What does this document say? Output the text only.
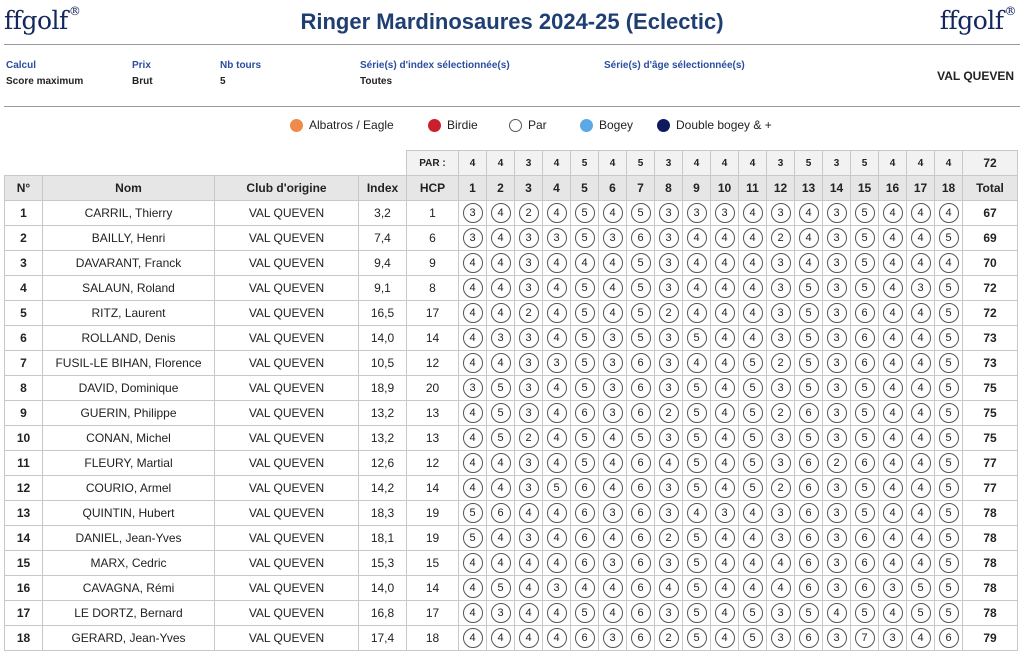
ffgolf®	Ringer Mardinosaures 2024-25 (Eclectic)	ffgolf®
Calcul
Score maximum
Prix
Brut
Nb tours
5
Série(s) d'index sélectionnée(s)
Toutes
Série(s) d'âge sélectionnée(s)
VAL QUEVEN
Albatros / Eagle	Birdie	Par	Bogey	Double bogey & +
				PAR :	4	4	3	4	5	4	5	3	4	4	4	3	5	3	5	4	4	4	72
N°	Nom	Club d'origine	Index	HCP	1	2	3	4	5	6	7	8	9	10	11	12	13	14	15	16	17	18	Total
1	CARRIL, Thierry	VAL QUEVEN	3,2	1	3	4	2	4	5	4	5	3	3	3	4	3	4	3	5	4	4	4	67
2	BAILLY, Henri	VAL QUEVEN	7,4	6	3	4	3	3	5	3	6	3	4	4	4	2	4	3	5	4	4	5	69
3	DAVARANT, Franck	VAL QUEVEN	9,4	9	4	4	3	4	4	4	5	3	4	4	4	3	4	3	5	4	4	4	70
4	SALAUN, Roland	VAL QUEVEN	9,1	8	4	4	3	4	5	4	5	3	4	4	4	3	5	3	5	4	3	5	72
5	RITZ, Laurent	VAL QUEVEN	16,5	17	4	4	2	4	5	4	5	2	4	4	4	3	5	3	6	4	4	5	72
6	ROLLAND, Denis	VAL QUEVEN	14,0	14	4	3	3	4	5	3	5	3	5	4	4	3	5	3	6	4	4	5	73
7	FUSIL-LE BIHAN, Florence	VAL QUEVEN	10,5	12	4	4	3	3	5	3	6	3	4	4	5	2	5	3	6	4	4	5	73
8	DAVID, Dominique	VAL QUEVEN	18,9	20	3	5	3	4	5	3	6	3	5	4	5	3	5	3	5	4	4	5	75
9	GUERIN, Philippe	VAL QUEVEN	13,2	13	4	5	3	4	6	3	6	2	5	4	5	2	6	3	5	4	4	5	75
10	CONAN, Michel	VAL QUEVEN	13,2	13	4	5	2	4	5	4	5	3	5	4	5	3	5	3	5	4	4	5	75
11	FLEURY, Martial	VAL QUEVEN	12,6	12	4	4	3	4	5	4	6	4	5	4	5	3	6	2	6	4	4	5	77
12	COURIO, Armel	VAL QUEVEN	14,2	14	4	4	3	5	6	4	6	3	5	4	5	2	6	3	5	4	4	5	77
13	QUINTIN, Hubert	VAL QUEVEN	18,3	19	5	6	4	4	6	3	6	3	4	3	4	3	6	3	5	4	4	5	78
14	DANIEL, Jean-Yves	VAL QUEVEN	18,1	19	5	4	3	4	6	4	6	2	5	4	4	3	6	3	6	4	4	5	78
15	MARX, Cedric	VAL QUEVEN	15,3	15	4	4	4	4	6	3	6	3	5	4	4	4	6	3	6	4	4	5	78
16	CAVAGNA, Rémi	VAL QUEVEN	14,0	14	4	5	4	3	4	4	6	4	5	4	4	4	6	3	6	3	5	5	78
17	LE DORTZ, Bernard	VAL QUEVEN	16,8	17	4	3	4	4	5	4	6	3	5	4	5	3	5	4	5	4	5	5	78
18	GERARD, Jean-Yves	VAL QUEVEN	17,4	18	4	4	4	4	6	3	6	2	5	4	5	3	6	3	7	3	4	6	79
